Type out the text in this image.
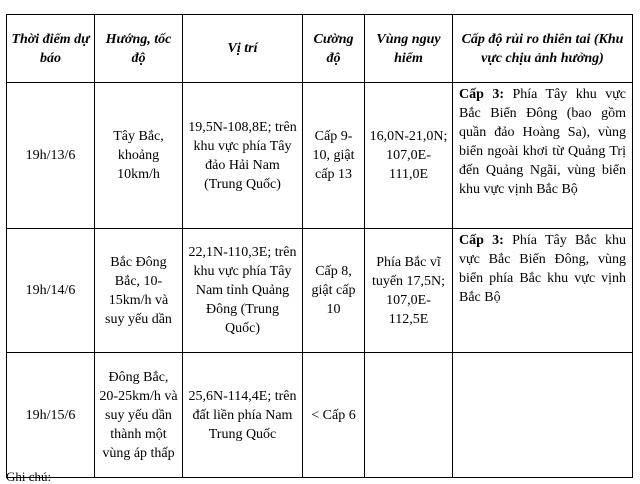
Thời điểm dự báo	Hướng, tốc độ	Vị trí	Cường độ	Vùng nguy hiểm	Cấp độ rủi ro thiên tai (Khu vực chịu ảnh hưởng)
19h/13/6	Tây Bắc, khoảng 10km/h	19,5N-108,8E; trên khu vực phía Tây đảo Hải Nam (Trung Quốc)	Cấp 9-10, giật cấp 13	16,0N-21,0N; 107,0E-111,0E	Cấp 3: Phía Tây khu vực Bắc Biển Đông (bao gồm quần đảo Hoàng Sa), vùng biển ngoài khơi từ Quảng Trị đến Quảng Ngãi, vùng biển khu vực vịnh Bắc Bộ
19h/14/6	Bắc Đông Bắc, 10-15km/h và suy yếu dần	22,1N-110,3E; trên khu vực phía Tây Nam tỉnh Quảng Đông (Trung Quốc)	Cấp 8, giật cấp 10	Phía Bắc vĩ tuyến 17,5N; 107,0E-112,5E	Cấp 3: Phía Tây Bắc khu vực Bắc Biển Đông, vùng biển phía Bắc khu vực vịnh Bắc Bộ
19h/15/6	Đông Bắc, 20-25km/h và suy yếu dần thành một vùng áp thấp	25,6N-114,4E; trên đất liền phía Nam Trung Quốc	< Cấp 6		
Ghi chú:
